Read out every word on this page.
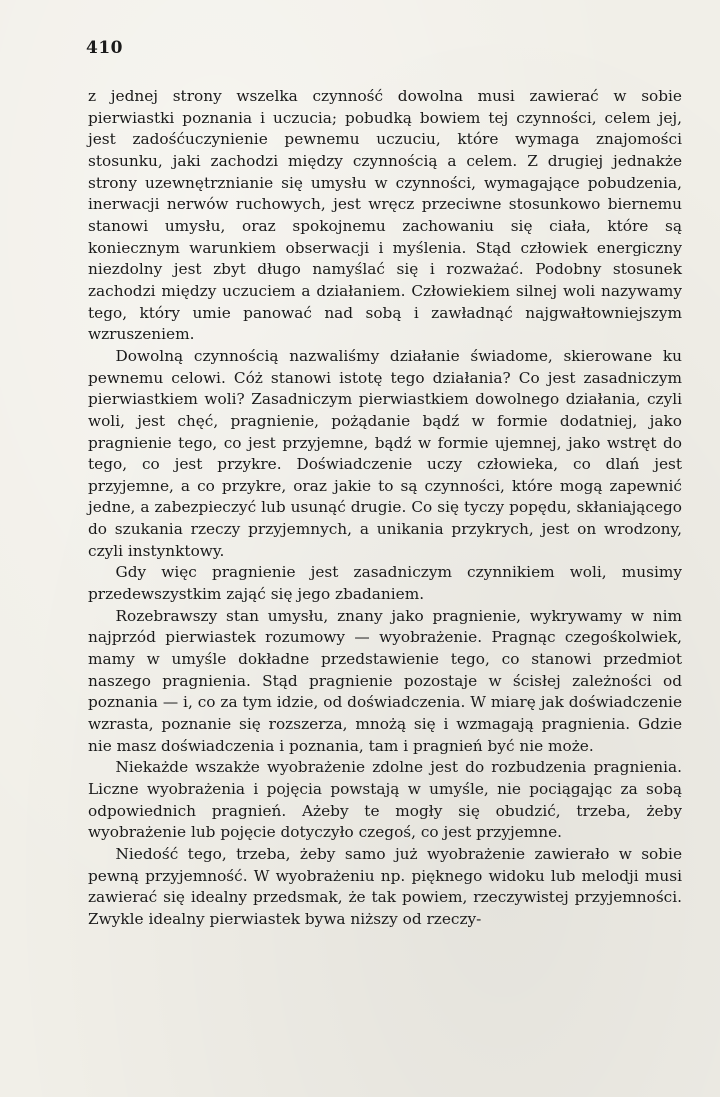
410

z jednej strony wszelka czynność dowolna musi zawierać w sobie pierwiastki poznania i uczucia; pobudką bowiem tej czynności, celem jej, jest zadośćuczynienie pewnemu uczuciu, które wymaga znajomości stosunku, jaki zachodzi między czynnością a celem. Z drugiej jednakże strony uzewnętrznianie się umysłu w czynności, wymagające pobudzenia, inerwacji nerwów ruchowych, jest wręcz przeciwne stosunkowo biernemu stanowi umysłu, oraz spokojnemu zachowaniu się ciała, które są koniecznym warunkiem obserwacji i myślenia. Stąd człowiek energiczny niezdolny jest zbyt długo namyślać się i rozważać. Podobny stosunek zachodzi między uczuciem a działaniem. Człowiekiem silnej woli nazywamy tego, który umie panować nad sobą i zawładnąć najgwałtowniejszym wzruszeniem.

Dowolną czynnością nazwaliśmy działanie świadome, skierowane ku pewnemu celowi. Cóż stanowi istotę tego działania? Co jest zasadniczym pierwiastkiem woli? Zasadniczym pierwiastkiem dowolnego działania, czyli woli, jest chęć, pragnienie, pożądanie bądź w formie dodatniej, jako pragnienie tego, co jest przyjemne, bądź w formie ujemnej, jako wstręt do tego, co jest przykre. Doświadczenie uczy człowieka, co dlań jest przyjemne, a co przykre, oraz jakie to są czynności, które mogą zapewnić jedne, a zabezpieczyć lub usunąć drugie. Co się tyczy popędu, skłaniającego do szukania rzeczy przyjemnych, a unikania przykrych, jest on wrodzony, czyli instynktowy.

Gdy więc pragnienie jest zasadniczym czynnikiem woli, musimy przedewszystkim zająć się jego zbadaniem.

Rozebrawszy stan umysłu, znany jako pragnienie, wykrywamy w nim najprzód pierwiastek rozumowy — wyobrażenie. Pragnąc czegośkolwiek, mamy w umyśle dokładne przedstawienie tego, co stanowi przedmiot naszego pragnienia. Stąd pragnienie pozostaje w ścisłej zależności od poznania — i, co za tym idzie, od doświadczenia. W miarę jak doświadczenie wzrasta, poznanie się rozszerza, mnożą się i wzmagają pragnienia. Gdzie nie masz doświadczenia i poznania, tam i pragnień być nie może.

Niekażde wszakże wyobrażenie zdolne jest do rozbudzenia pragnienia. Liczne wyobrażenia i pojęcia powstają w umyśle, nie pociągając za sobą odpowiednich pragnień. Ażeby te mogły się obudzić, trzeba, żeby wyobrażenie lub pojęcie dotyczyło czegoś, co jest przyjemne.

Niedość tego, trzeba, żeby samo już wyobrażenie zawierało w sobie pewną przyjemność. W wyobrażeniu np. pięknego widoku lub melodji musi zawierać się idealny przedsmak, że tak powiem, rzeczywistej przyjemności. Zwykle idealny pierwiastek bywa niższy od rzeczy-
